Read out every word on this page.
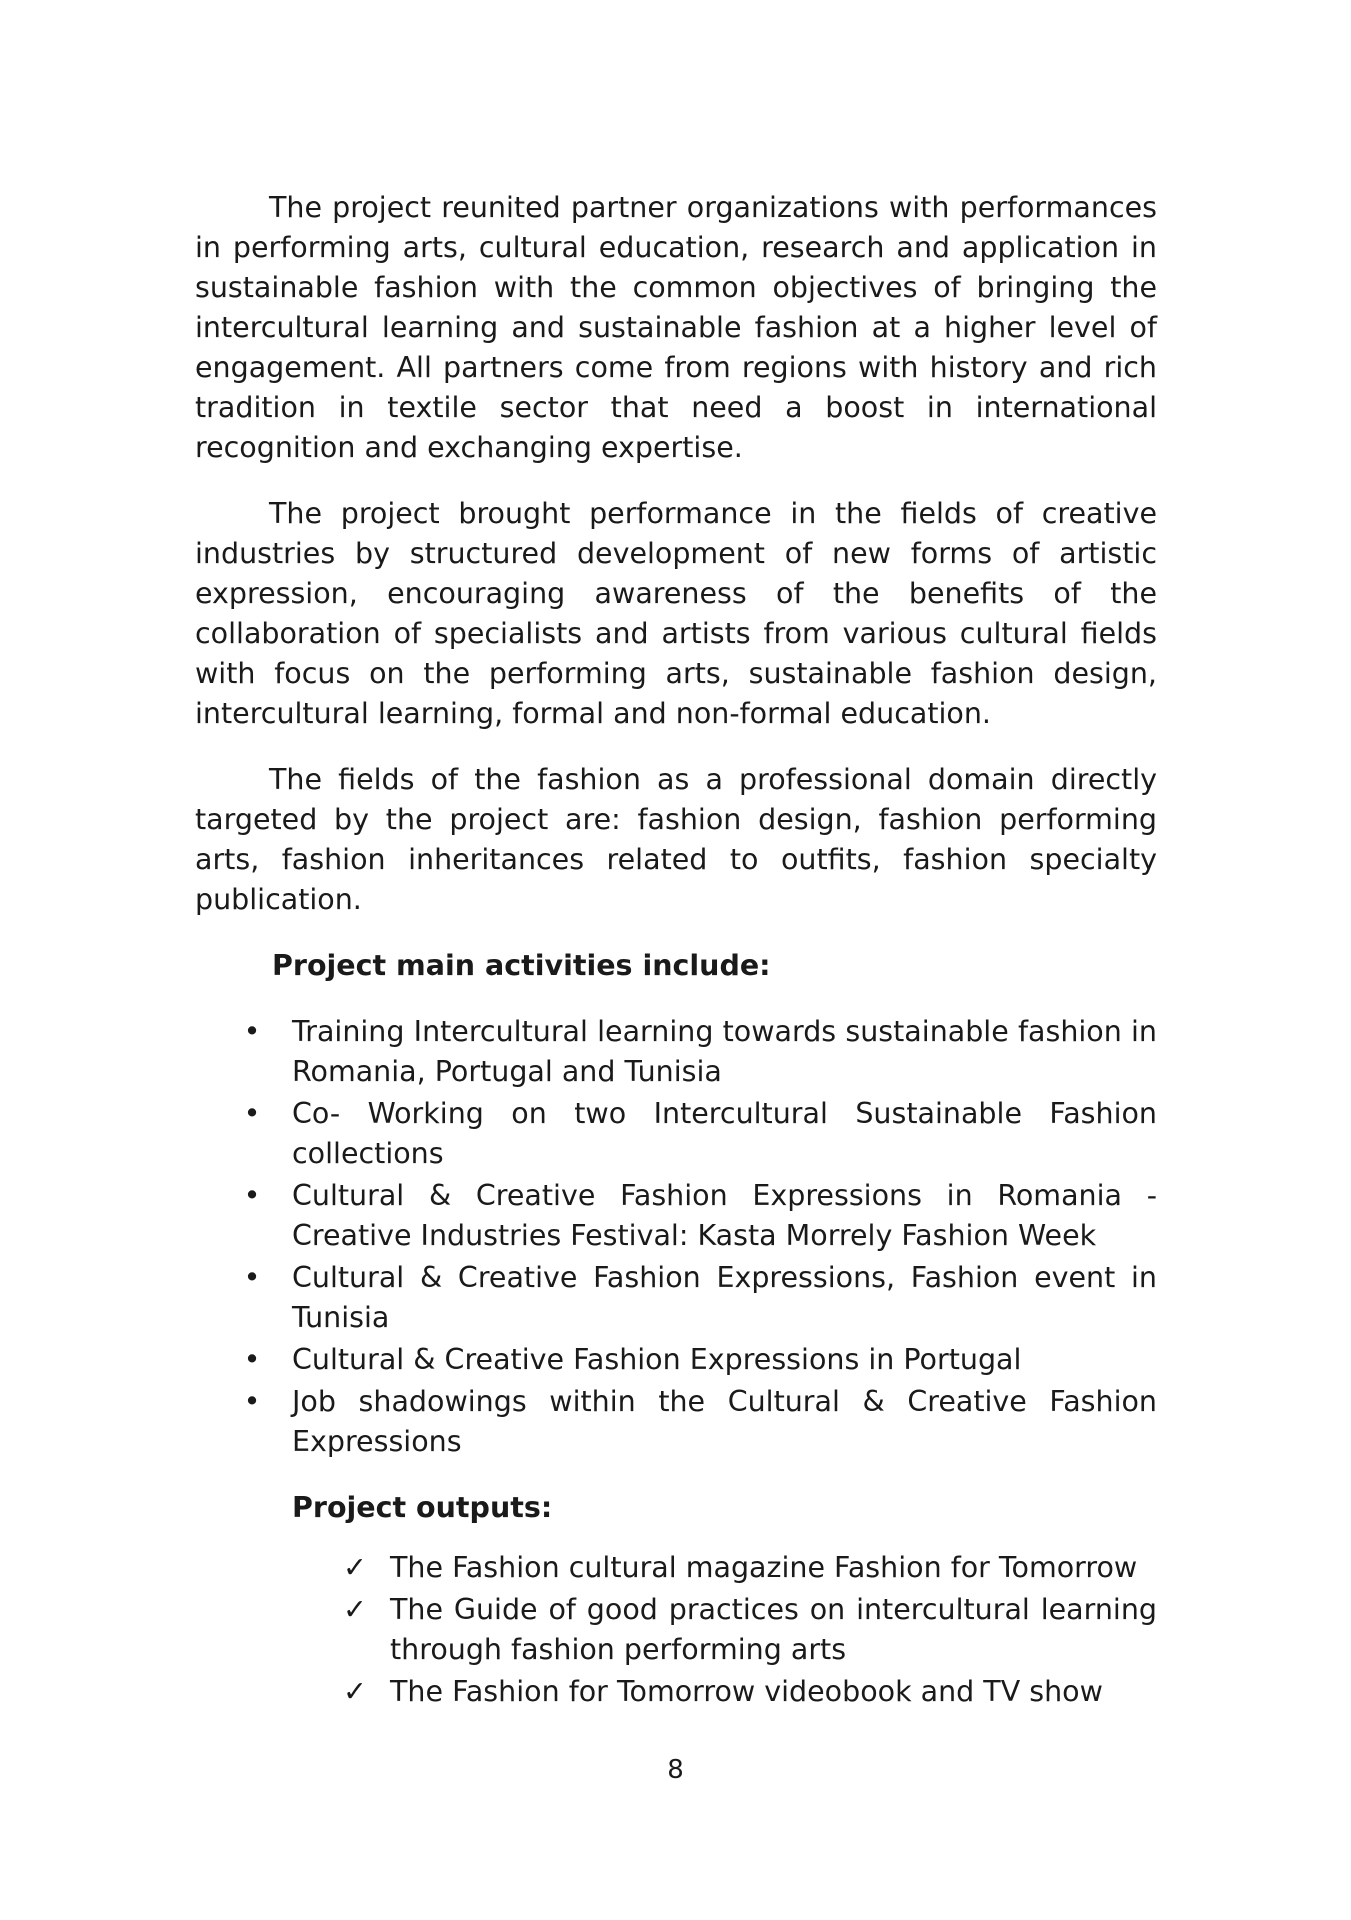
The project reunited partner organizations with performances in performing arts, cultural education, research and application in sustainable fashion with the common objectives of bringing the intercultural learning and sustainable fashion at a higher level of engagement. All partners come from regions with history and rich tradition in textile sector that need a boost in international recognition and exchanging expertise.

The project brought performance in the fields of creative industries by structured development of new forms of artistic expression, encouraging awareness of the benefits of the collaboration of specialists and artists from various cultural fields with focus on the performing arts, sustainable fashion design, intercultural learning, formal and non-formal education.

The fields of the fashion as a professional domain directly targeted by the project are: fashion design, fashion performing arts, fashion inheritances related to outfits, fashion specialty publication.

Project main activities include:
• Training Intercultural learning towards sustainable fashion in Romania, Portugal and Tunisia
• Co- Working on two Intercultural Sustainable Fashion collections
• Cultural & Creative Fashion Expressions in Romania - Creative Industries Festival: Kasta Morrely Fashion Week
• Cultural & Creative Fashion Expressions, Fashion event in Tunisia
• Cultural & Creative Fashion Expressions in Portugal
• Job shadowings within the Cultural & Creative Fashion Expressions
Project outputs:
✓ The Fashion cultural magazine Fashion for Tomorrow
✓ The Guide of good practices on intercultural learning through fashion performing arts
✓ The Fashion for Tomorrow videobook and TV show
8
